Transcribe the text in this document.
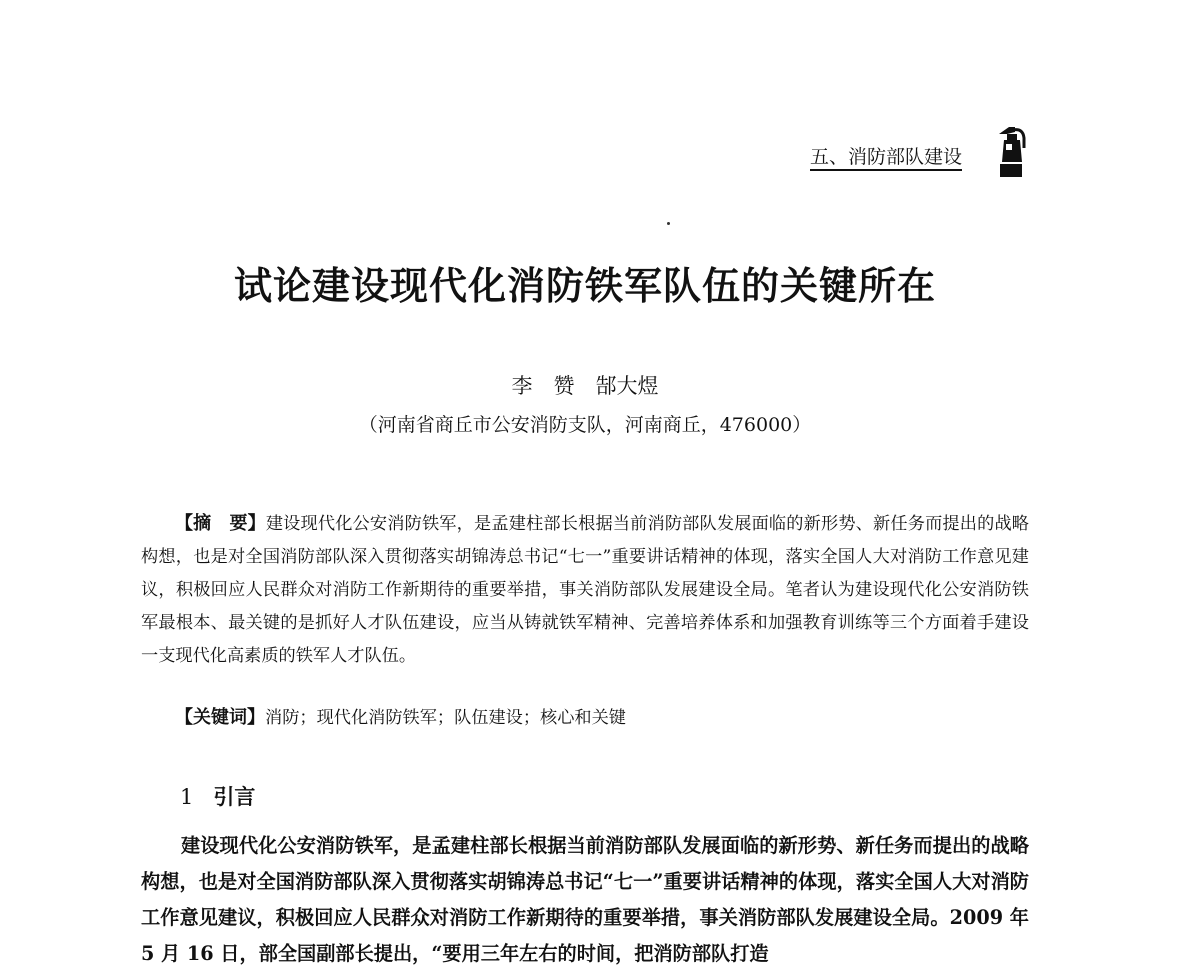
五、消防部队建设
试论建设现代化消防铁军队伍的关键所在
李　赞　郜大煜
（河南省商丘市公安消防支队，河南商丘，476000）
【摘　要】建设现代化公安消防铁军，是孟建柱部长根据当前消防部队发展面临的新形势、新任务而提出的战略构想，也是对全国消防部队深入贯彻落实胡锦涛总书记“七一”重要讲话精神的体现，落实全国人大对消防工作意见建议，积极回应人民群众对消防工作新期待的重要举措，事关消防部队发展建设全局。笔者认为建设现代化公安消防铁军最根本、最关键的是抓好人才队伍建设，应当从铸就铁军精神、完善培养体系和加强教育训练等三个方面着手建设一支现代化高素质的铁军人才队伍。
【关键词】消防；现代化消防铁军；队伍建设；核心和关键
1 引言
建设现代化公安消防铁军，是孟建柱部长根据当前消防部队发展面临的新形势、新任务而提出的战略构想，也是对全国消防部队深入贯彻落实胡锦涛总书记“七一”重要讲话精神的体现，落实全国人大对消防工作意见建议，积极回应人民群众对消防工作新期待的重要举措，事关消防部队发展建设全局。2009 年 5 月 16 日，部全国副部长提出，“要用三年左右的时间，把消防部队打造
